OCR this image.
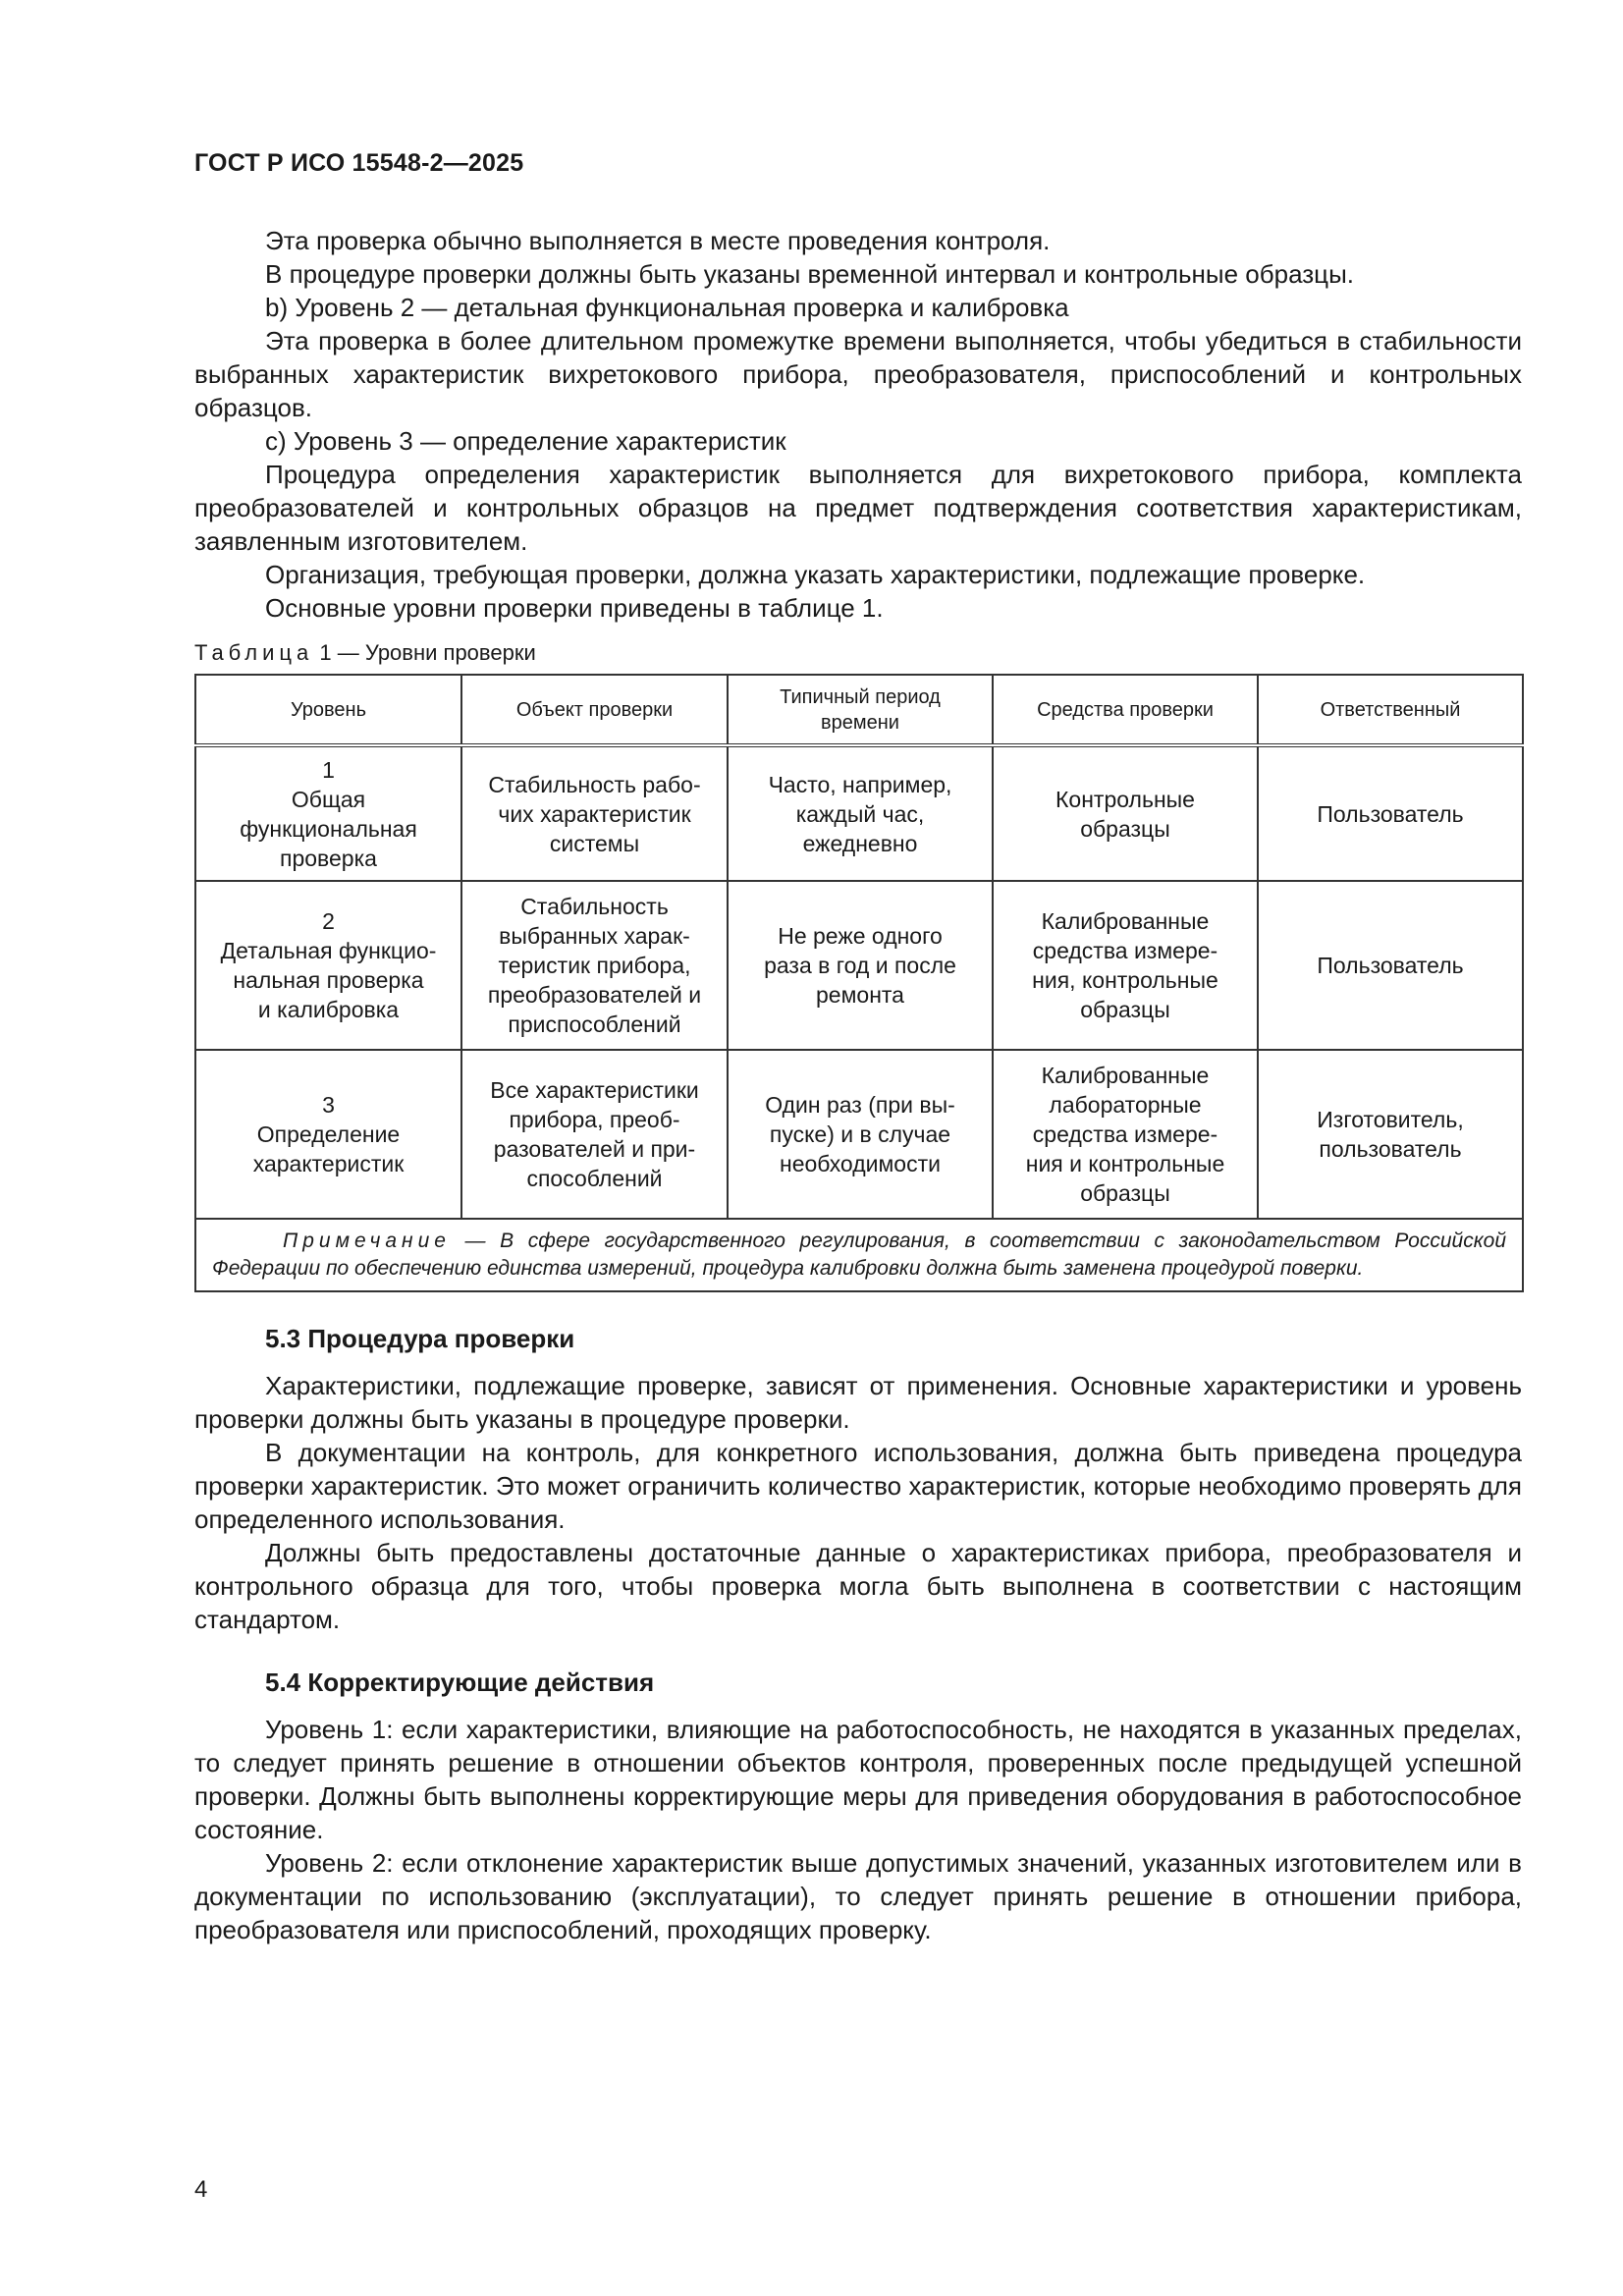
ГОСТ Р ИСО 15548-2—2025

Эта проверка обычно выполняется в месте проведения контроля.

В процедуре проверки должны быть указаны временной интервал и контрольные образцы.

b) Уровень 2 — детальная функциональная проверка и калибровка

Эта проверка в более длительном промежутке времени выполняется, чтобы убедиться в стабильности выбранных характеристик вихретокового прибора, преобразователя, приспособлений и контрольных образцов.

c) Уровень 3 — определение характеристик

Процедура определения характеристик выполняется для вихретокового прибора, комплекта преобразователей и контрольных образцов на предмет подтверждения соответствия характеристикам, заявленным изготовителем.

Организация, требующая проверки, должна указать характеристики, подлежащие проверке.

Основные уровни проверки приведены в таблице 1.

Таблица 1 — Уровни проверки

Уровень	Объект проверки	Типичный период времени	Средства проверки	Ответственный
1
Общая
функциональная
проверка	Стабильность рабо-
чих характеристик
системы	Часто, например,
каждый час,
ежедневно	Контрольные
образцы	Пользователь
2
Детальная функцио-
нальная проверка
и калибровка	Стабильность
выбранных харак-
теристик прибора,
преобразователей и
приспособлений	Не реже одного
раза в год и после
ремонта	Калиброванные
средства измере-
ния, контрольные
образцы	Пользователь
3
Определение
характеристик	Все характеристики
прибора, преоб-
разователей и при-
способлений	Один раз (при вы-
пуске) и в случае
необходимости	Калиброванные
лабораторные
средства измере-
ния и контрольные
образцы	Изготовитель,
пользователь
Примечание — В сфере государственного регулирования, в соответствии с законодательством Российской Федерации по обеспечению единства измерений, процедура калибровки должна быть заменена процедурой поверки.				
5.3 Процедура проверки

Характеристики, подлежащие проверке, зависят от применения. Основные характеристики и уровень проверки должны быть указаны в процедуре проверки.

В документации на контроль, для конкретного использования, должна быть приведена процедура проверки характеристик. Это может ограничить количество характеристик, которые необходимо проверять для определенного использования.

Должны быть предоставлены достаточные данные о характеристиках прибора, преобразователя и контрольного образца для того, чтобы проверка могла быть выполнена в соответствии с настоящим стандартом.

5.4 Корректирующие действия

Уровень 1: если характеристики, влияющие на работоспособность, не находятся в указанных пределах, то следует принять решение в отношении объектов контроля, проверенных после предыдущей успешной проверки. Должны быть выполнены корректирующие меры для приведения оборудования в работоспособное состояние.

Уровень 2: если отклонение характеристик выше допустимых значений, указанных изготовителем или в документации по использованию (эксплуатации), то следует принять решение в отношении прибора, преобразователя или приспособлений, проходящих проверку.

4
